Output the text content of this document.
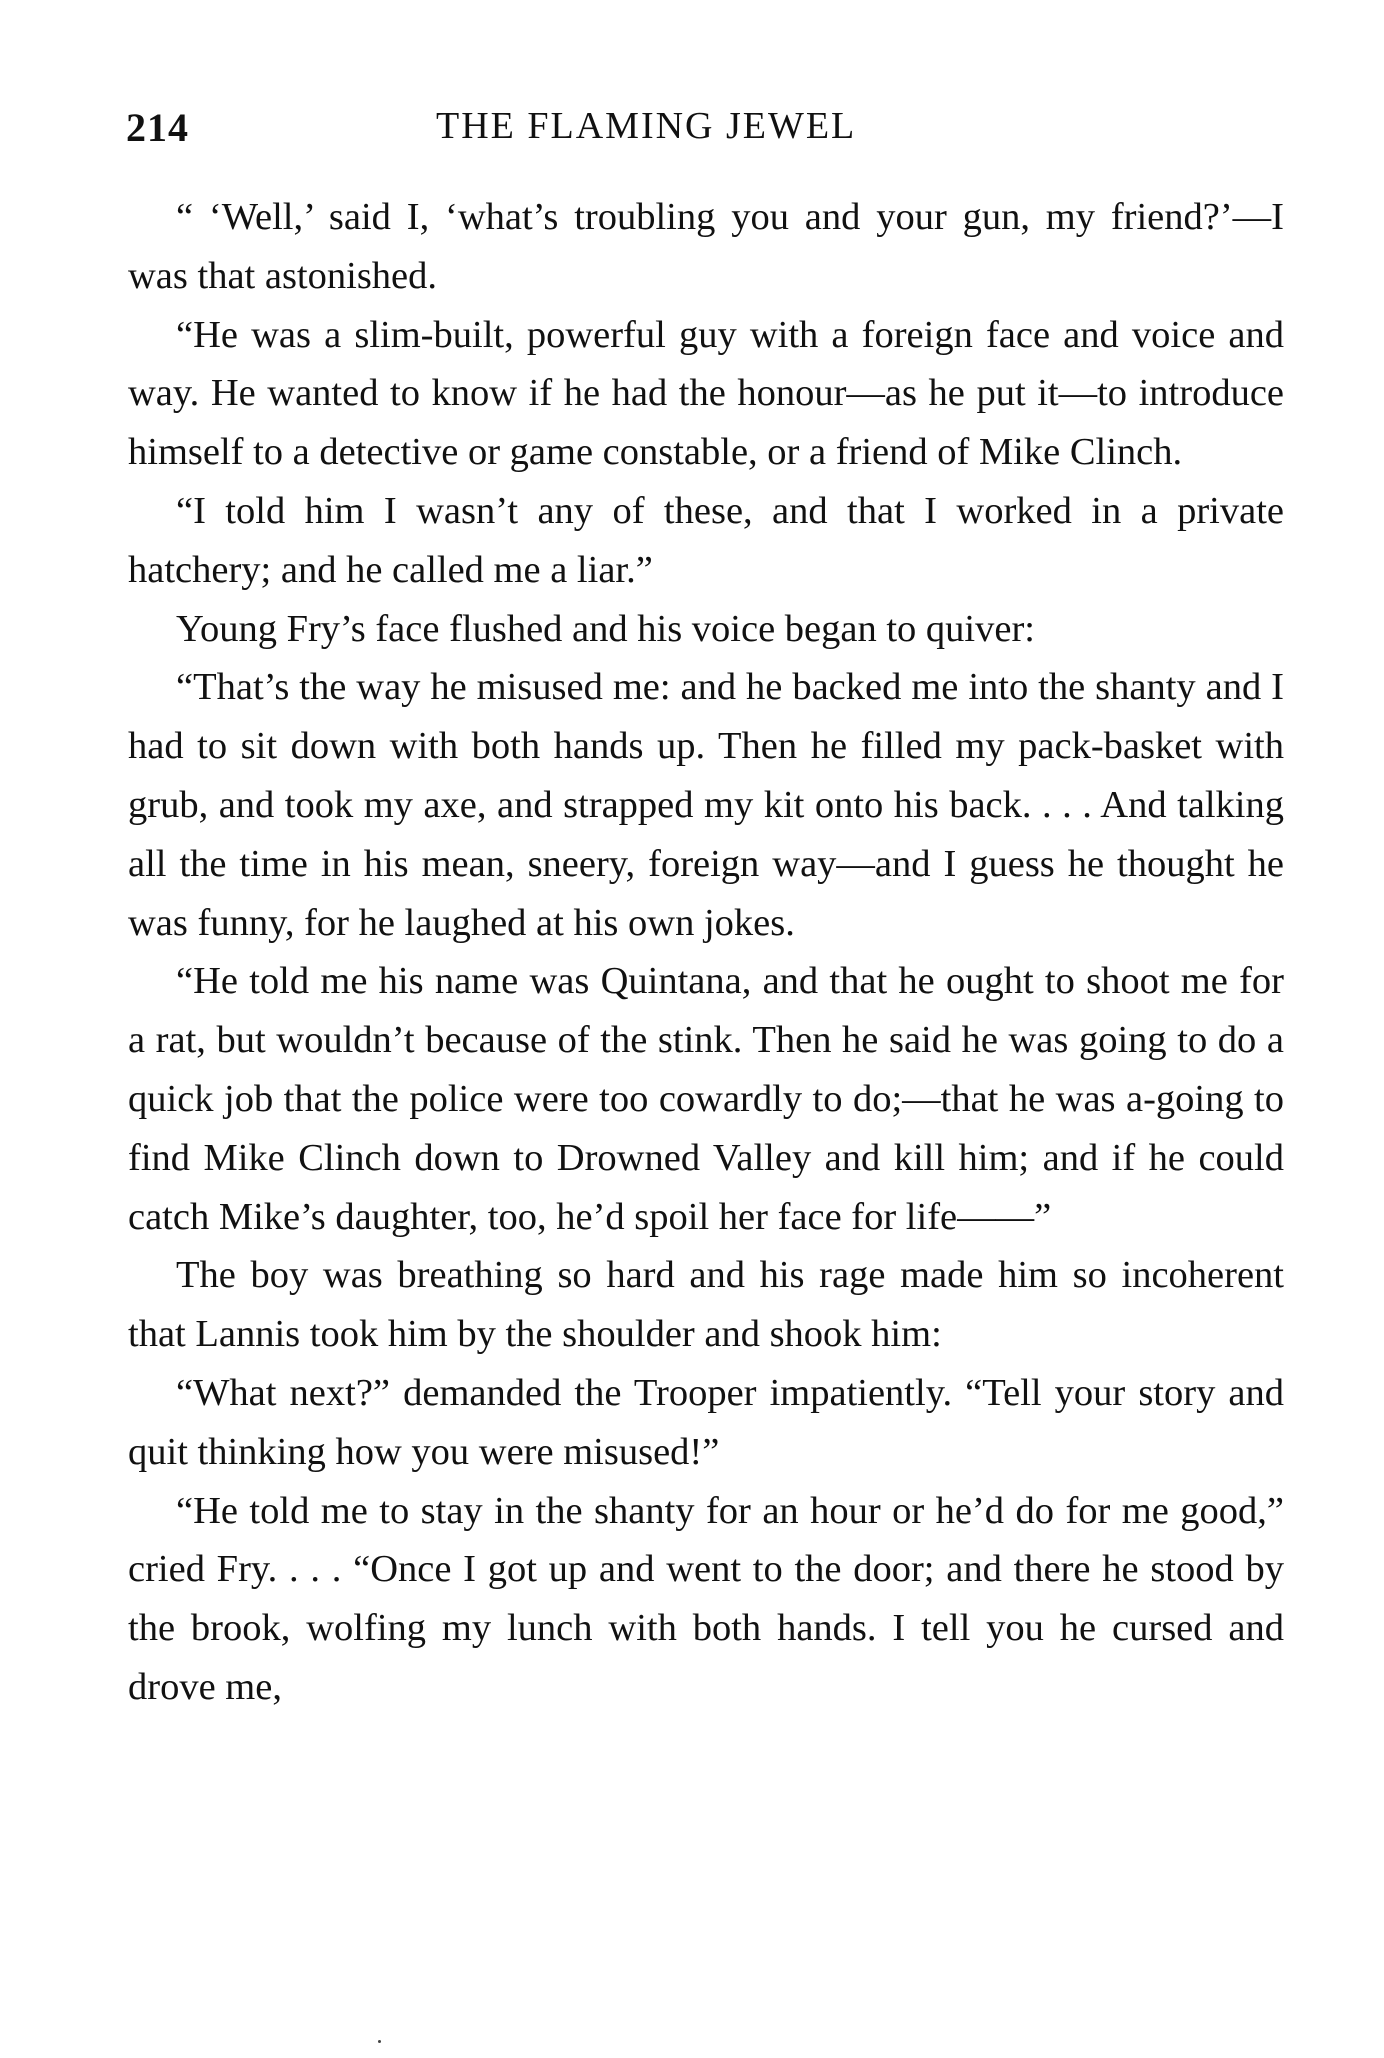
214	THE FLAMING JEWEL

“ ‘Well,’ said I, ‘what’s troubling you and your gun, my friend?’—I was that astonished.

“He was a slim-built, powerful guy with a foreign face and voice and way. He wanted to know if he had the honour—as he put it—to introduce himself to a detective or game constable, or a friend of Mike Clinch.

“I told him I wasn’t any of these, and that I worked in a private hatchery; and he called me a liar.”

Young Fry’s face flushed and his voice began to quiver:

“That’s the way he misused me: and he backed me into the shanty and I had to sit down with both hands up. Then he filled my pack-basket with grub, and took my axe, and strapped my kit onto his back. . . . And talking all the time in his mean, sneery, foreign way—and I guess he thought he was funny, for he laughed at his own jokes.

“He told me his name was Quintana, and that he ought to shoot me for a rat, but wouldn’t because of the stink. Then he said he was going to do a quick job that the police were too cowardly to do;—that he was a-going to find Mike Clinch down to Drowned Valley and kill him; and if he could catch Mike’s daughter, too, he’d spoil her face for life——”

The boy was breathing so hard and his rage made him so incoherent that Lannis took him by the shoulder and shook him:

“What next?” demanded the Trooper impatiently. “Tell your story and quit thinking how you were misused!”

“He told me to stay in the shanty for an hour or he’d do for me good,” cried Fry. . . . “Once I got up and went to the door; and there he stood by the brook, wolfing my lunch with both hands. I tell you he cursed and drove me,
